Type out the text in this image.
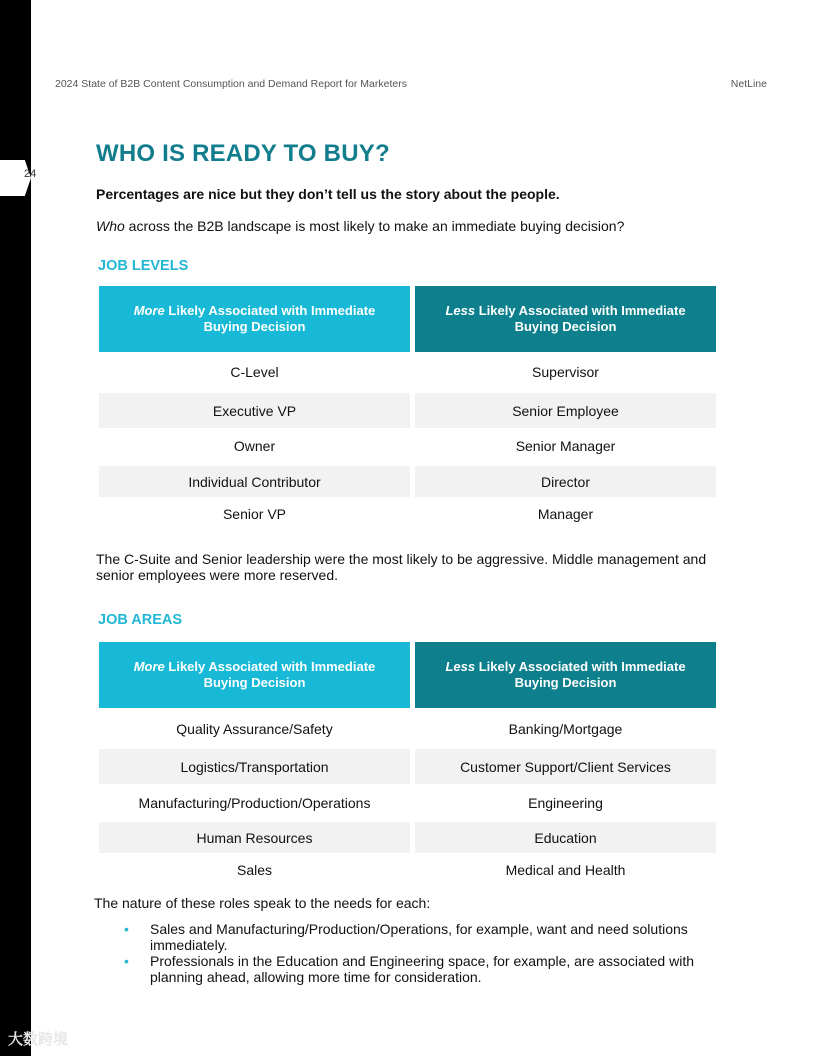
24
2024 State of B2B Content Consumption and Demand Report for Marketers	NetLine
WHO IS READY TO BUY?
Percentages are nice but they don’t tell us the story about the people.
Who across the B2B landscape is most likely to make an immediate buying decision?
JOB LEVELS
More Likely Associated with Immediate Buying Decision
Less Likely Associated with Immediate Buying Decision
C-Level	Supervisor
Executive VP	Senior Employee
Owner	Senior Manager
Individual Contributor	Director
Senior VP	Manager
The C-Suite and Senior leadership were the most likely to be aggressive. Middle management and senior employees were more reserved.
JOB AREAS
More Likely Associated with Immediate Buying Decision
Less Likely Associated with Immediate Buying Decision
Quality Assurance/Safety	Banking/Mortgage
Logistics/Transportation	Customer Support/Client Services
Manufacturing/Production/Operations	Engineering
Human Resources	Education
Sales	Medical and Health
The nature of these roles speak to the needs for each:
• Sales and Manufacturing/Production/Operations, for example, want and need solutions immediately.
• Professionals in the Education and Engineering space, for example, are associated with planning ahead, allowing more time for consideration.
大数跨境
